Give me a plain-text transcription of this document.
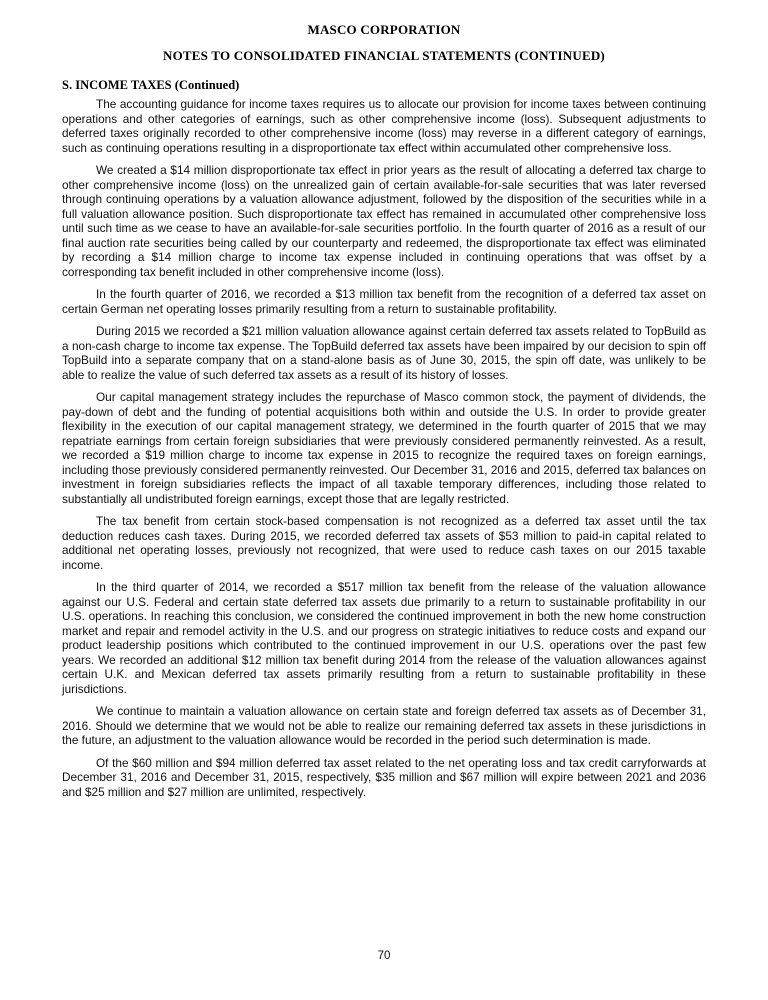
MASCO CORPORATION
NOTES TO CONSOLIDATED FINANCIAL STATEMENTS (CONTINUED)
S. INCOME TAXES (Continued)

The accounting guidance for income taxes requires us to allocate our provision for income taxes between continuing operations and other categories of earnings, such as other comprehensive income (loss). Subsequent adjustments to deferred taxes originally recorded to other comprehensive income (loss) may reverse in a different category of earnings, such as continuing operations resulting in a disproportionate tax effect within accumulated other comprehensive loss.

We created a $14 million disproportionate tax effect in prior years as the result of allocating a deferred tax charge to other comprehensive income (loss) on the unrealized gain of certain available-for-sale securities that was later reversed through continuing operations by a valuation allowance adjustment, followed by the disposition of the securities while in a full valuation allowance position. Such disproportionate tax effect has remained in accumulated other comprehensive loss until such time as we cease to have an available-for-sale securities portfolio. In the fourth quarter of 2016 as a result of our final auction rate securities being called by our counterparty and redeemed, the disproportionate tax effect was eliminated by recording a $14 million charge to income tax expense included in continuing operations that was offset by a corresponding tax benefit included in other comprehensive income (loss).

In the fourth quarter of 2016, we recorded a $13 million tax benefit from the recognition of a deferred tax asset on certain German net operating losses primarily resulting from a return to sustainable profitability.

During 2015 we recorded a $21 million valuation allowance against certain deferred tax assets related to TopBuild as a non-cash charge to income tax expense. The TopBuild deferred tax assets have been impaired by our decision to spin off TopBuild into a separate company that on a stand-alone basis as of June 30, 2015, the spin off date, was unlikely to be able to realize the value of such deferred tax assets as a result of its history of losses.

Our capital management strategy includes the repurchase of Masco common stock, the payment of dividends, the pay-down of debt and the funding of potential acquisitions both within and outside the U.S. In order to provide greater flexibility in the execution of our capital management strategy, we determined in the fourth quarter of 2015 that we may repatriate earnings from certain foreign subsidiaries that were previously considered permanently reinvested. As a result, we recorded a $19 million charge to income tax expense in 2015 to recognize the required taxes on foreign earnings, including those previously considered permanently reinvested. Our December 31, 2016 and 2015, deferred tax balances on investment in foreign subsidiaries reflects the impact of all taxable temporary differences, including those related to substantially all undistributed foreign earnings, except those that are legally restricted.

The tax benefit from certain stock-based compensation is not recognized as a deferred tax asset until the tax deduction reduces cash taxes. During 2015, we recorded deferred tax assets of $53 million to paid-in capital related to additional net operating losses, previously not recognized, that were used to reduce cash taxes on our 2015 taxable income.

In the third quarter of 2014, we recorded a $517 million tax benefit from the release of the valuation allowance against our U.S. Federal and certain state deferred tax assets due primarily to a return to sustainable profitability in our U.S. operations. In reaching this conclusion, we considered the continued improvement in both the new home construction market and repair and remodel activity in the U.S. and our progress on strategic initiatives to reduce costs and expand our product leadership positions which contributed to the continued improvement in our U.S. operations over the past few years. We recorded an additional $12 million tax benefit during 2014 from the release of the valuation allowances against certain U.K. and Mexican deferred tax assets primarily resulting from a return to sustainable profitability in these jurisdictions.

We continue to maintain a valuation allowance on certain state and foreign deferred tax assets as of December 31, 2016. Should we determine that we would not be able to realize our remaining deferred tax assets in these jurisdictions in the future, an adjustment to the valuation allowance would be recorded in the period such determination is made.

Of the $60 million and $94 million deferred tax asset related to the net operating loss and tax credit carryforwards at December 31, 2016 and December 31, 2015, respectively, $35 million and $67 million will expire between 2021 and 2036 and $25 million and $27 million are unlimited, respectively.

70
